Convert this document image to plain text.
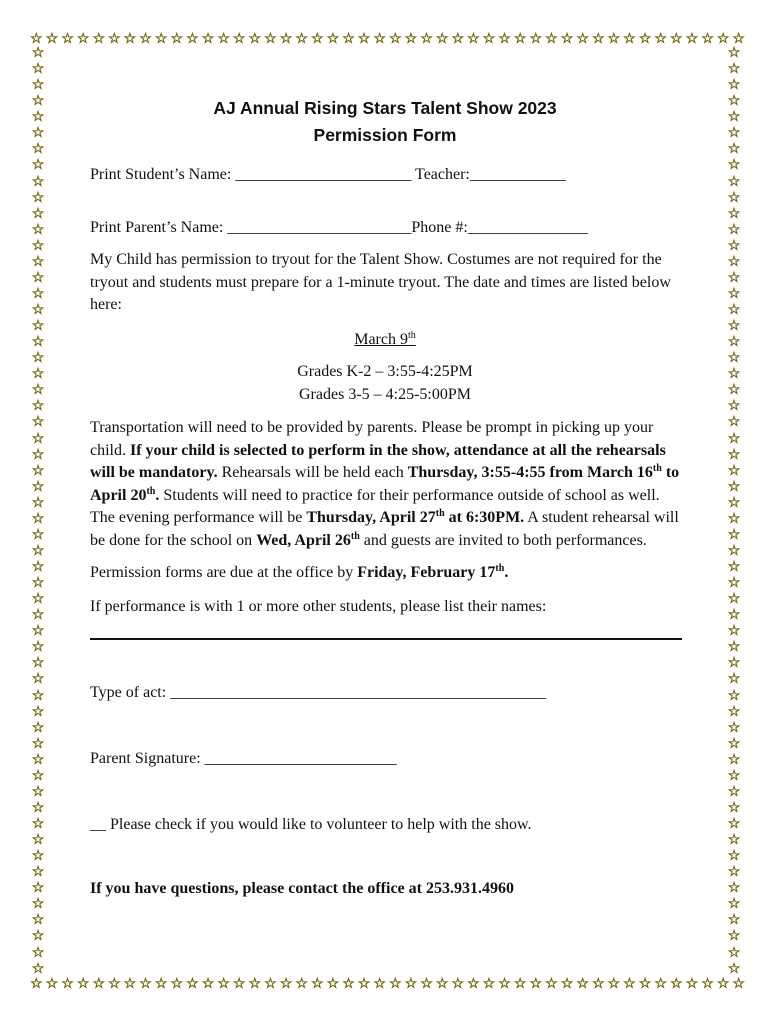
☆ ☆ ☆ ☆ ☆ ☆ ☆ ☆ ☆ ☆ ☆ ☆ ☆ ☆ ☆ ☆ ☆ ☆ ☆ ☆ ☆ ☆ ☆ ☆ ☆ ☆ ☆ ☆ ☆ ☆ ☆ ☆ ☆ ☆ ☆ ☆ ☆ ☆ ☆ ☆ ☆ ☆ ☆ ☆ ☆ ☆
☆ ☆ ☆ ☆ ☆ ☆ ☆ ☆ ☆ ☆ ☆ ☆ ☆ ☆ ☆ ☆ ☆ ☆ ☆ ☆ ☆ ☆ ☆ ☆ ☆ ☆ ☆ ☆ ☆ ☆ ☆ ☆ ☆ ☆ ☆ ☆ ☆ ☆ ☆ ☆ ☆ ☆ ☆ ☆ ☆ ☆
☆
☆
☆
☆
☆
☆
☆
☆
☆
☆
☆
☆
☆
☆
☆
☆
☆
☆
☆
☆
☆
☆
☆
☆
☆
☆
☆
☆
☆
☆
☆
☆
☆
☆
☆
☆
☆
☆
☆
☆
☆
☆
☆
☆
☆
☆
☆
☆
☆
☆
☆
☆
☆
☆
☆
☆
☆
☆
☆
☆
☆
☆
☆
☆
☆
☆
☆
☆
☆
☆
☆
☆
☆
☆
☆
☆
☆
☆
☆
☆
☆
☆
☆
☆
☆
☆
☆
☆
☆
☆
☆
☆
☆
☆
☆
☆
☆
☆
☆
☆
☆
☆
☆
☆
☆
☆
☆
☆
☆
☆
☆
☆
☆
☆
☆
☆
AJ Annual Rising Stars Talent Show 2023
Permission Form

Print Student’s Name: ______________________ Teacher:____________

Print Parent’s Name: _______________________Phone #:_______________

My Child has permission to tryout for the Talent Show. Costumes are not required for the tryout and students must prepare for a 1-minute tryout. The date and times are listed below here:

March 9th

Grades K-2 – 3:55-4:25PM

Grades 3-5 – 4:25-5:00PM

Transportation will need to be provided by parents. Please be prompt in picking up your child. If your child is selected to perform in the show, attendance at all the rehearsals will be mandatory. Rehearsals will be held each Thursday, 3:55-4:55 from March 16th to April 20th. Students will need to practice for their performance outside of school as well. The evening performance will be Thursday, April 27th at 6:30PM. A student rehearsal will be done for the school on Wed, April 26th and guests are invited to both performances.

Permission forms are due at the office by Friday, February 17th.

If performance is with 1 or more other students, please list their names:

Type of act: _______________________________________________

Parent Signature: ________________________

__ Please check if you would like to volunteer to help with the show.

If you have questions, please contact the office at 253.931.4960
